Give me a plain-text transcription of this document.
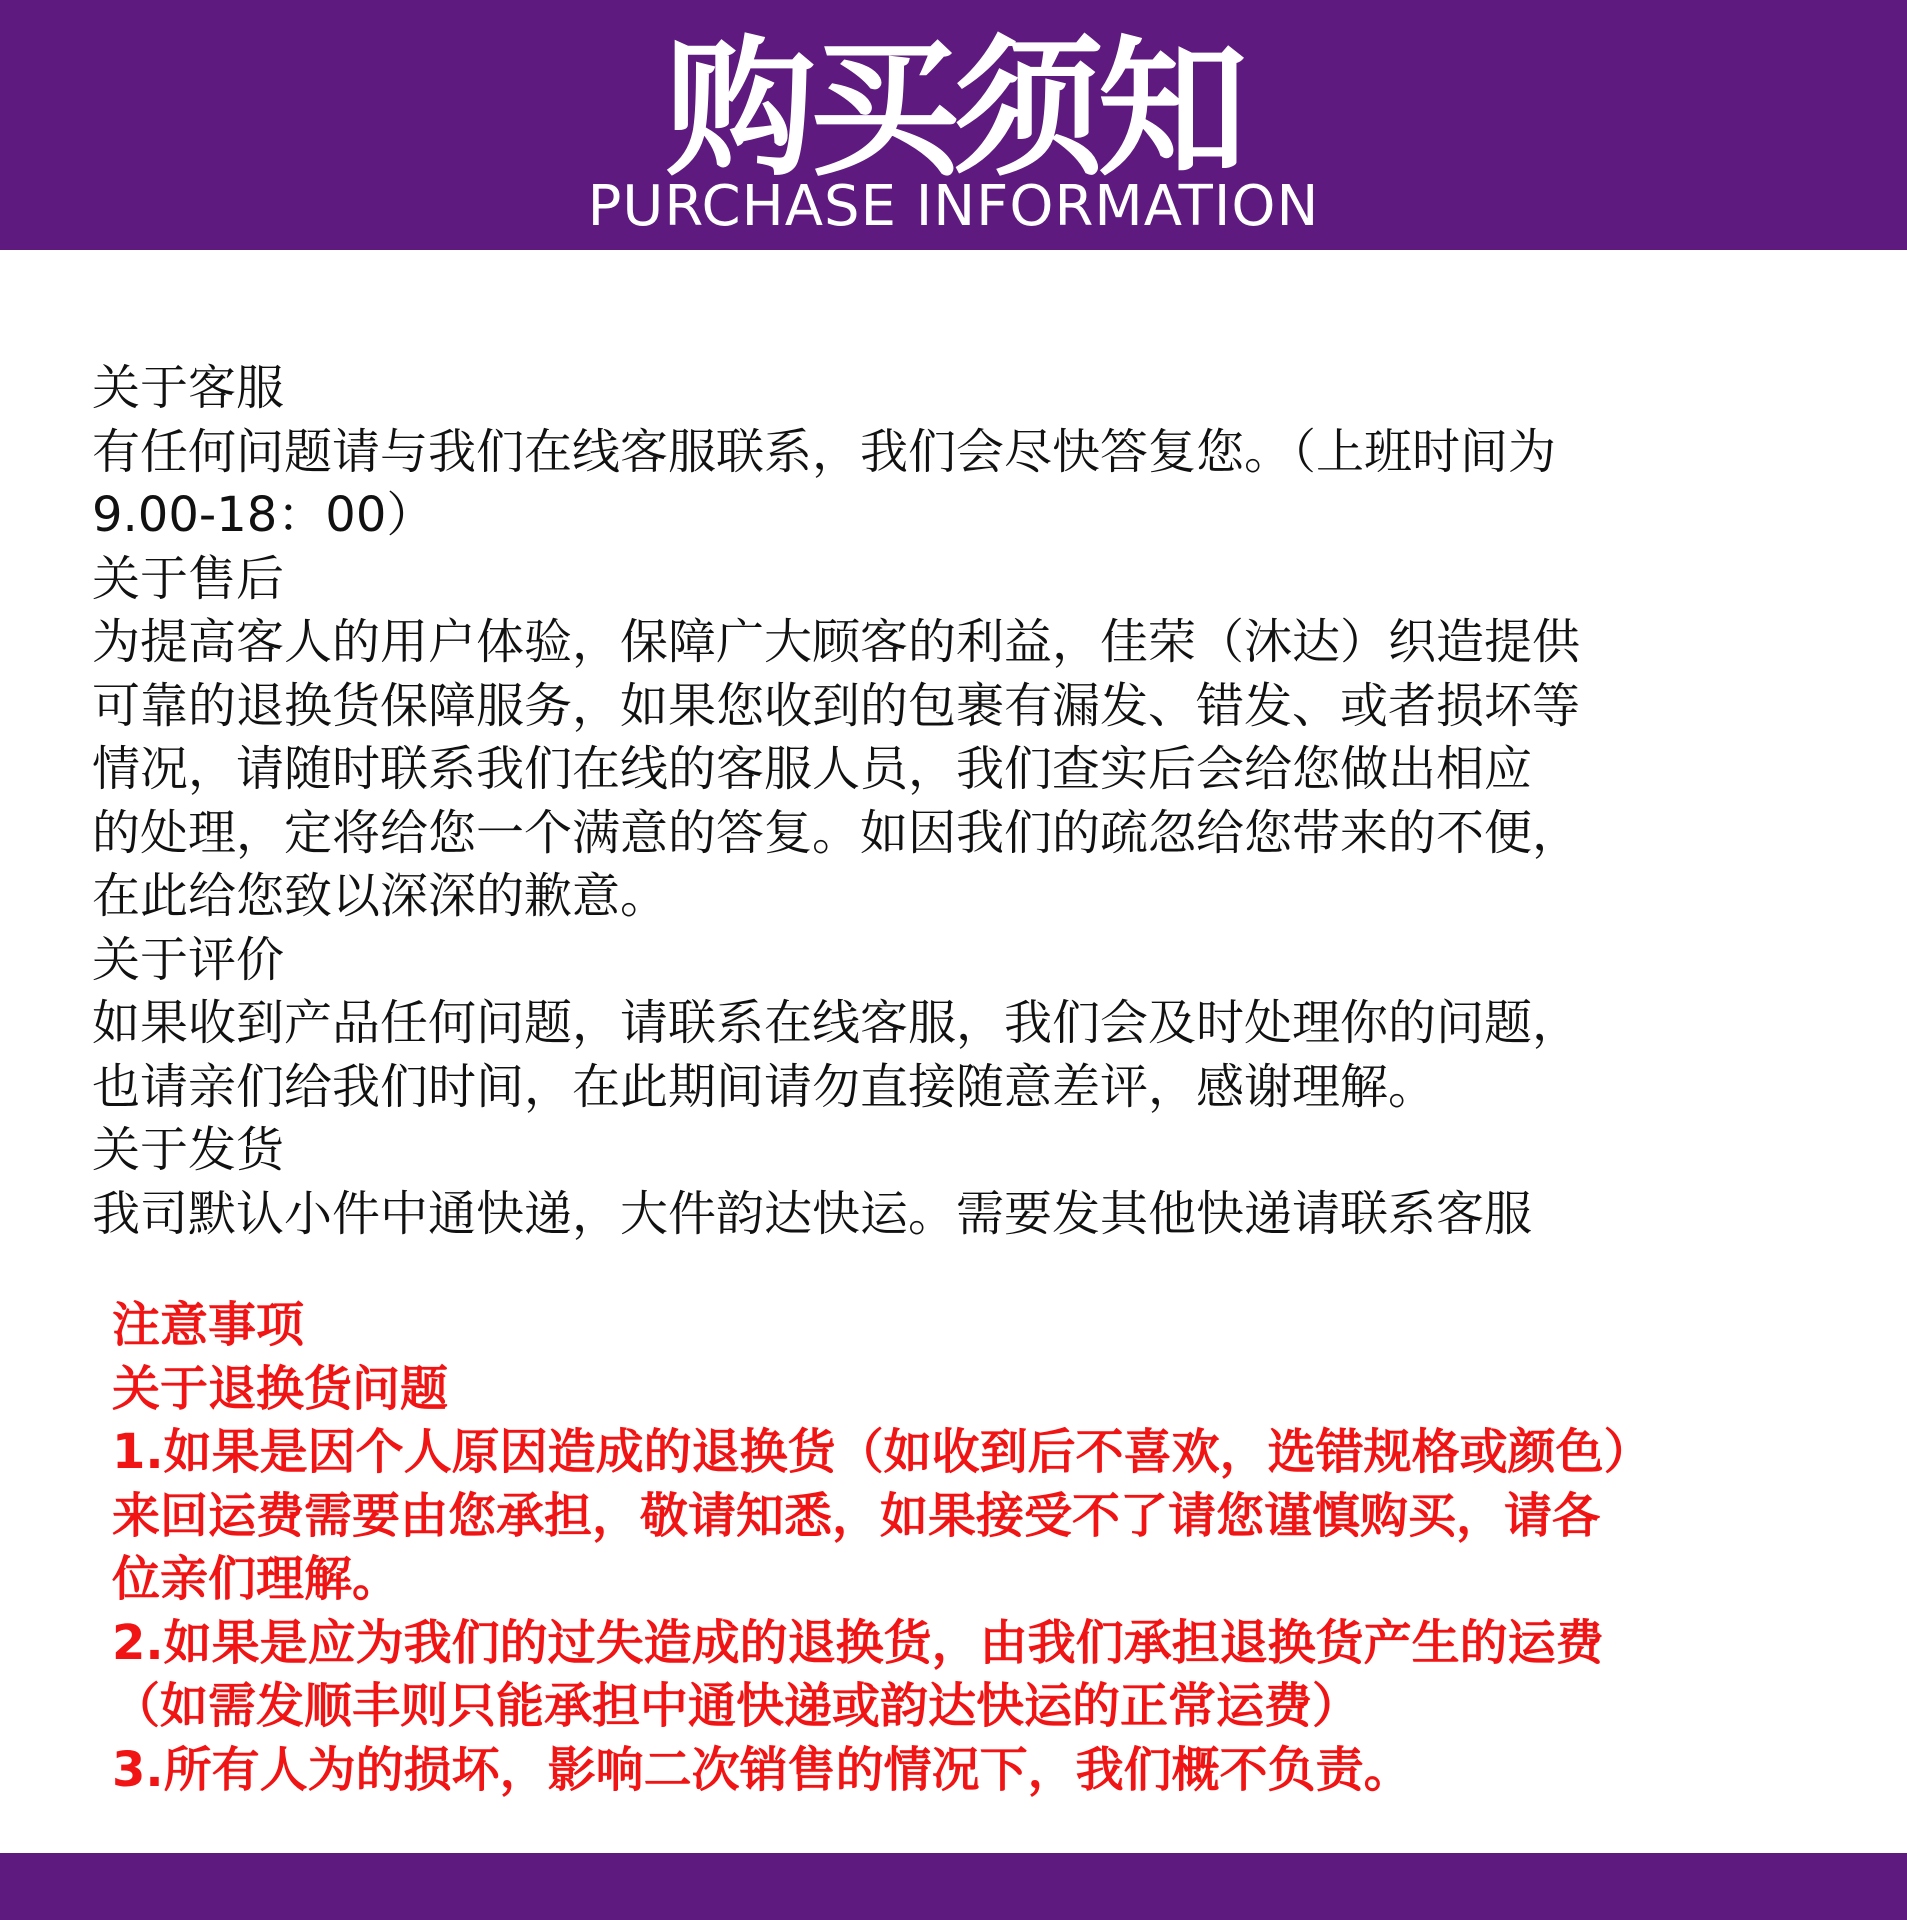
购买须知
PURCHASE INFORMATION
关于客服
有任何问题请与我们在线客服联系，我们会尽快答复您。（上班时间为
9.00-18：00）
关于售后
为提高客人的用户体验，保障广大顾客的利益，佳荣（沐达）织造提供
可靠的退换货保障服务，如果您收到的包裹有漏发、错发、或者损坏等
情况，请随时联系我们在线的客服人员，我们查实后会给您做出相应
的处理，定将给您一个满意的答复。如因我们的疏忽给您带来的不便，
在此给您致以深深的歉意。
关于评价
如果收到产品任何问题，请联系在线客服，我们会及时处理你的问题，
也请亲们给我们时间，在此期间请勿直接随意差评，感谢理解。
关于发货
我司默认小件中通快递，大件韵达快运。需要发其他快递请联系客服
注意事项
关于退换货问题
1.如果是因个人原因造成的退换货（如收到后不喜欢，选错规格或颜色）
来回运费需要由您承担，敬请知悉，如果接受不了请您谨慎购买，请各
位亲们理解。
2.如果是应为我们的过失造成的退换货，由我们承担退换货产生的运费
（如需发顺丰则只能承担中通快递或韵达快运的正常运费）
3.所有人为的损坏，影响二次销售的情况下，我们概不负责。
